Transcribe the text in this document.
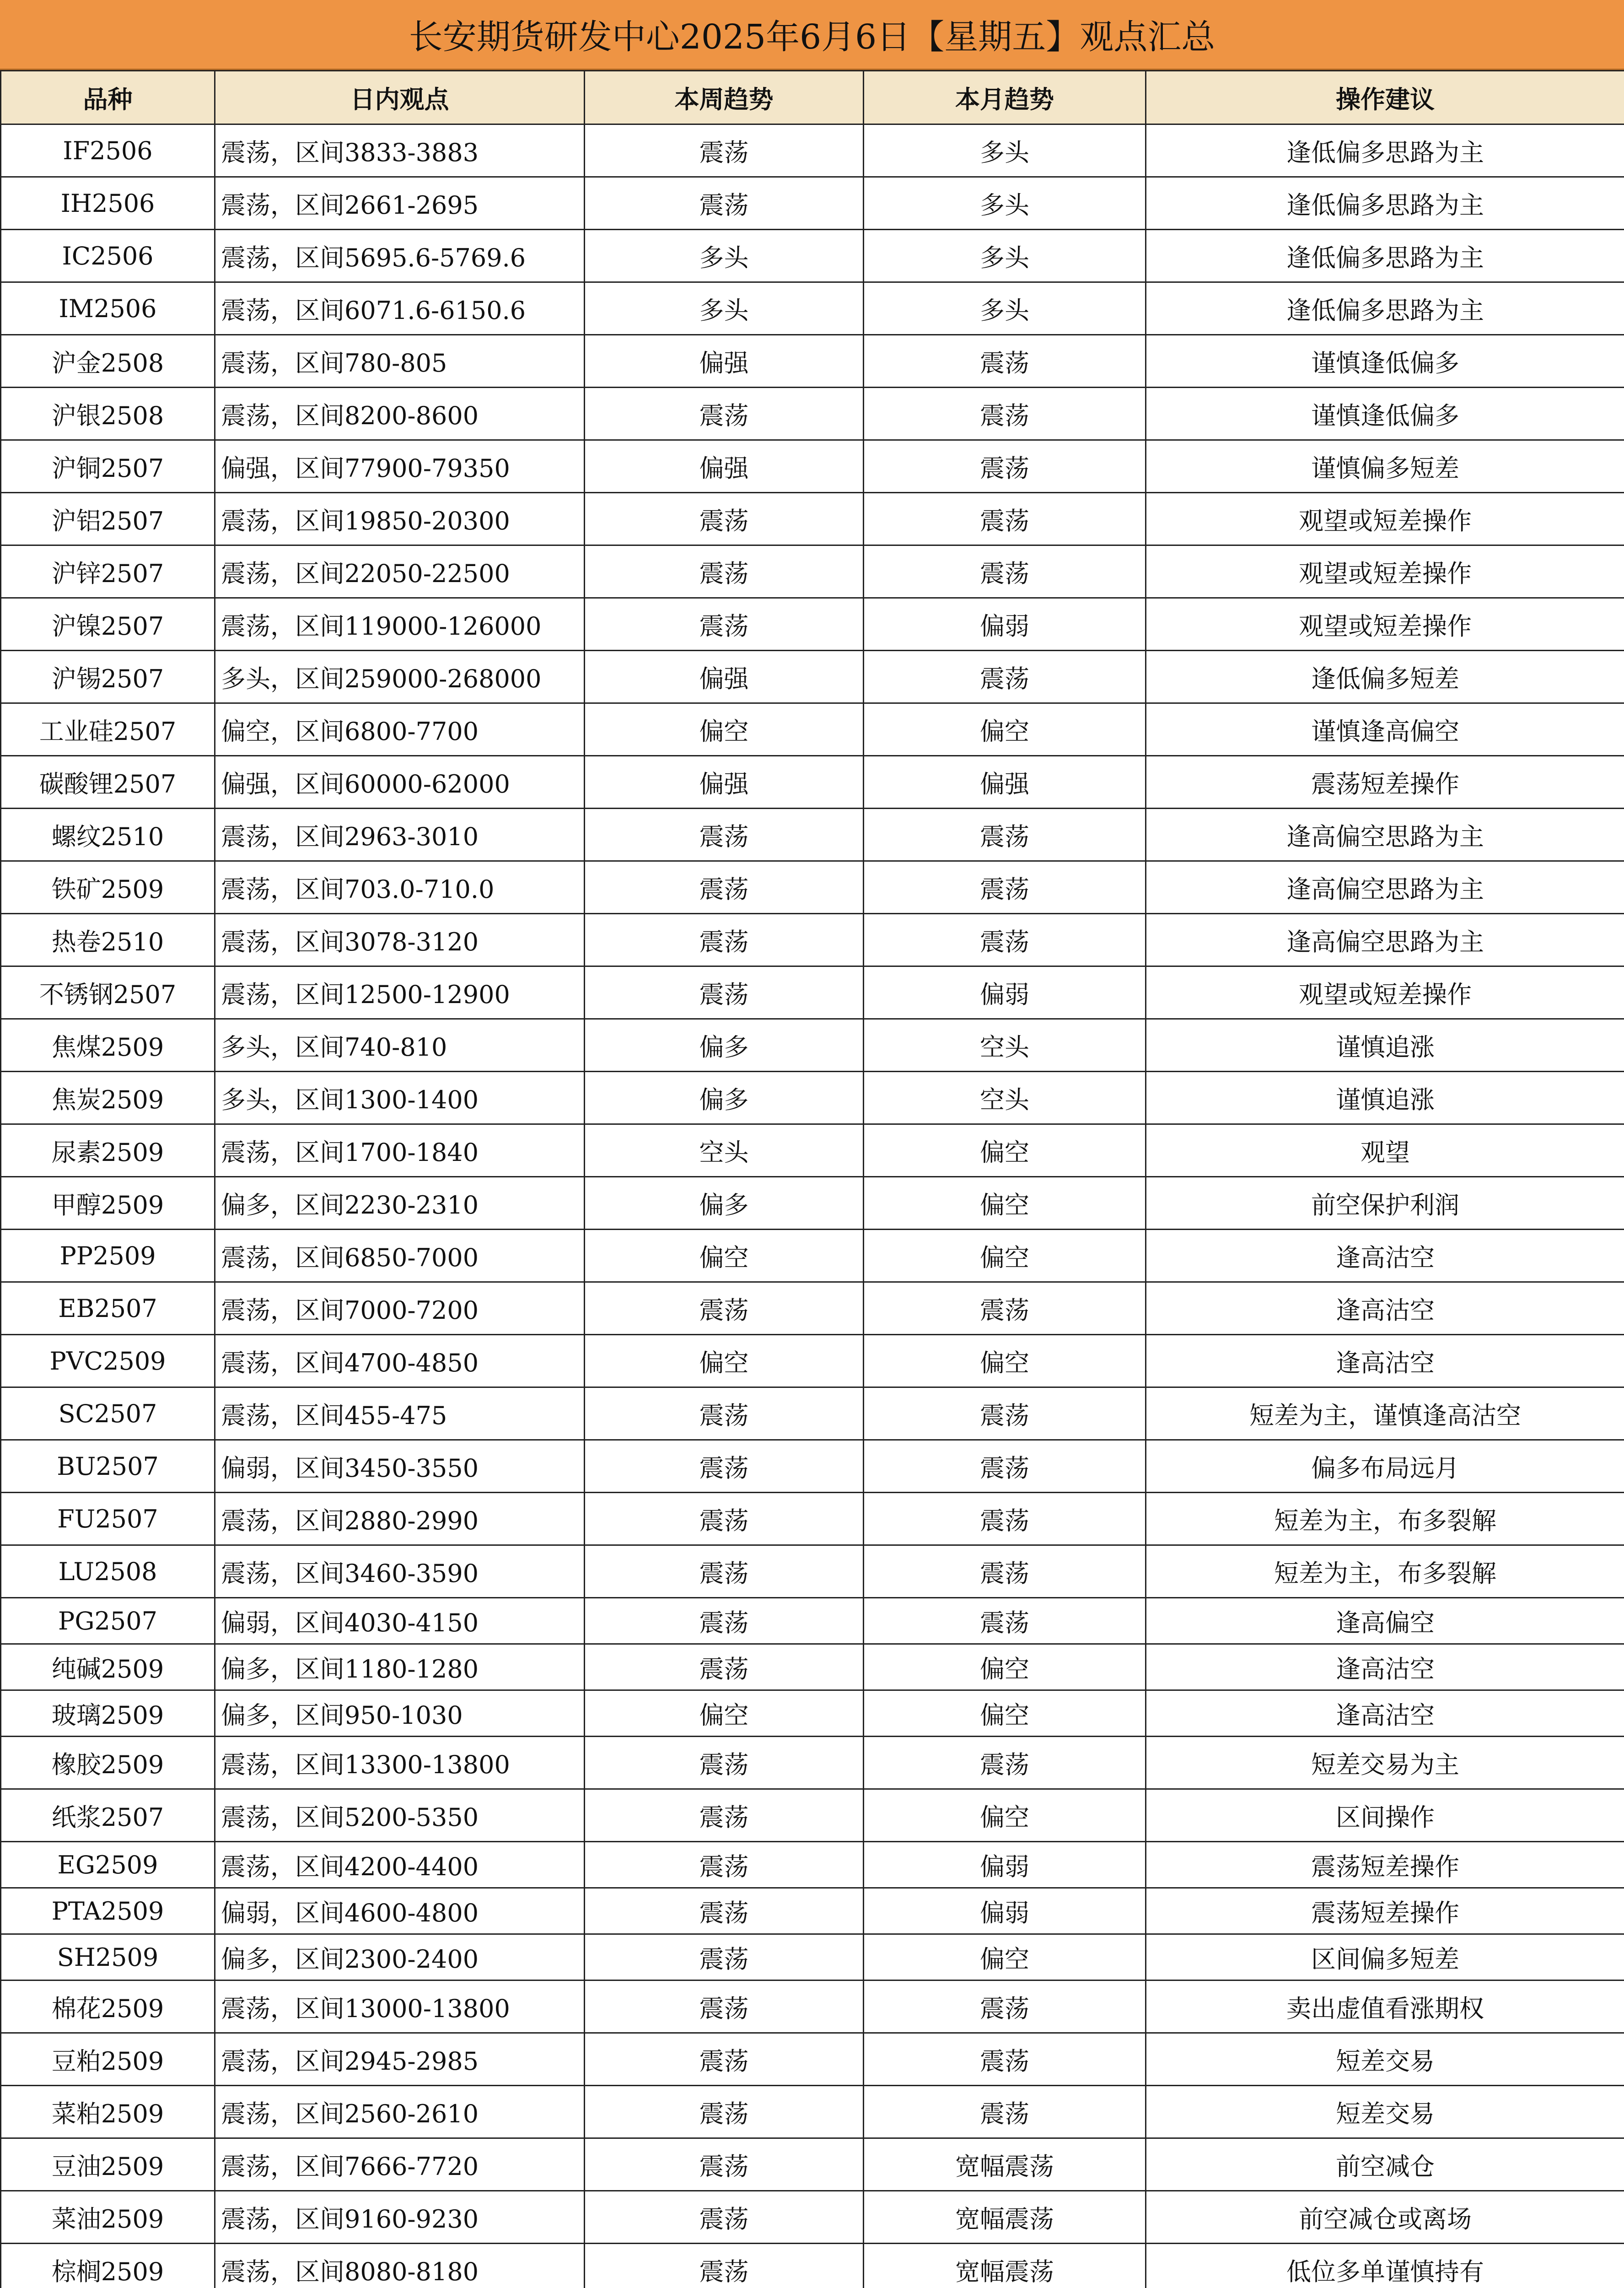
长安期货研发中心2025年6月6日【星期五】观点汇总
品种	日内观点	本周趋势	本月趋势	操作建议
IF2506	震荡，区间3833-3883	震荡	多头	逢低偏多思路为主
IH2506	震荡，区间2661-2695	震荡	多头	逢低偏多思路为主
IC2506	震荡，区间5695.6-5769.6	多头	多头	逢低偏多思路为主
IM2506	震荡，区间6071.6-6150.6	多头	多头	逢低偏多思路为主
沪金2508	震荡，区间780-805	偏强	震荡	谨慎逢低偏多
沪银2508	震荡，区间8200-8600	震荡	震荡	谨慎逢低偏多
沪铜2507	偏强，区间77900-79350	偏强	震荡	谨慎偏多短差
沪铝2507	震荡，区间19850-20300	震荡	震荡	观望或短差操作
沪锌2507	震荡，区间22050-22500	震荡	震荡	观望或短差操作
沪镍2507	震荡，区间119000-126000	震荡	偏弱	观望或短差操作
沪锡2507	多头，区间259000-268000	偏强	震荡	逢低偏多短差
工业硅2507	偏空，区间6800-7700	偏空	偏空	谨慎逢高偏空
碳酸锂2507	偏强，区间60000-62000	偏强	偏强	震荡短差操作
螺纹2510	震荡，区间2963-3010	震荡	震荡	逢高偏空思路为主
铁矿2509	震荡，区间703.0-710.0	震荡	震荡	逢高偏空思路为主
热卷2510	震荡，区间3078-3120	震荡	震荡	逢高偏空思路为主
不锈钢2507	震荡，区间12500-12900	震荡	偏弱	观望或短差操作
焦煤2509	多头，区间740-810	偏多	空头	谨慎追涨
焦炭2509	多头，区间1300-1400	偏多	空头	谨慎追涨
尿素2509	震荡，区间1700-1840	空头	偏空	观望
甲醇2509	偏多，区间2230-2310	偏多	偏空	前空保护利润
PP2509	震荡，区间6850-7000	偏空	偏空	逢高沽空
EB2507	震荡，区间7000-7200	震荡	震荡	逢高沽空
PVC2509	震荡，区间4700-4850	偏空	偏空	逢高沽空
SC2507	震荡，区间455-475	震荡	震荡	短差为主，谨慎逢高沽空
BU2507	偏弱，区间3450-3550	震荡	震荡	偏多布局远月
FU2507	震荡，区间2880-2990	震荡	震荡	短差为主，布多裂解
LU2508	震荡，区间3460-3590	震荡	震荡	短差为主，布多裂解
PG2507	偏弱，区间4030-4150	震荡	震荡	逢高偏空
纯碱2509	偏多，区间1180-1280	震荡	偏空	逢高沽空
玻璃2509	偏多，区间950-1030	偏空	偏空	逢高沽空
橡胶2509	震荡，区间13300-13800	震荡	震荡	短差交易为主
纸浆2507	震荡，区间5200-5350	震荡	偏空	区间操作
EG2509	震荡，区间4200-4400	震荡	偏弱	震荡短差操作
PTA2509	偏弱，区间4600-4800	震荡	偏弱	震荡短差操作
SH2509	偏多，区间2300-2400	震荡	偏空	区间偏多短差
棉花2509	震荡，区间13000-13800	震荡	震荡	卖出虚值看涨期权
豆粕2509	震荡，区间2945-2985	震荡	震荡	短差交易
菜粕2509	震荡，区间2560-2610	震荡	震荡	短差交易
豆油2509	震荡，区间7666-7720	震荡	宽幅震荡	前空减仓
菜油2509	震荡，区间9160-9230	震荡	宽幅震荡	前空减仓或离场
棕榈2509	震荡，区间8080-8180	震荡	宽幅震荡	低位多单谨慎持有
